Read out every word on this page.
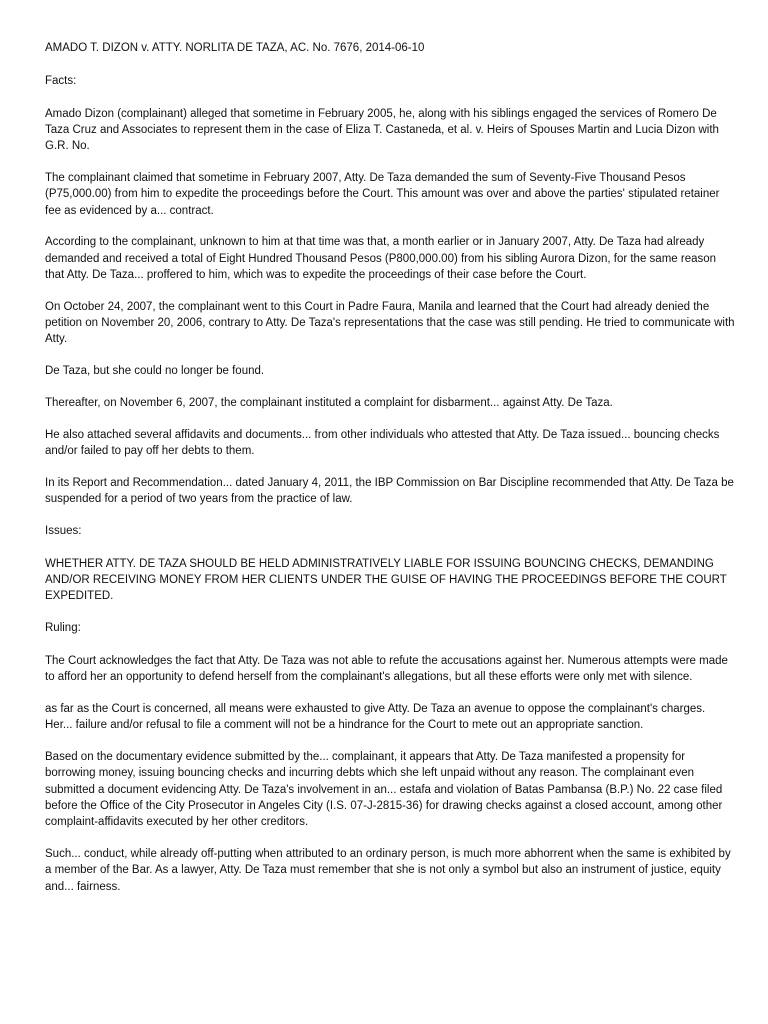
AMADO T. DIZON v. ATTY. NORLITA DE TAZA, AC. No. 7676, 2014-06-10
Facts:
Amado Dizon (complainant) alleged that sometime in February 2005, he, along with his siblings engaged the services of Romero De Taza Cruz and Associates to represent them in the case of Eliza T. Castaneda, et al. v. Heirs of Spouses Martin and Lucia Dizon with G.R. No.
The complainant claimed that sometime in February 2007, Atty. De Taza demanded the sum of Seventy-Five Thousand Pesos (P75,000.00) from him to expedite the proceedings before the Court. This amount was over and above the parties' stipulated retainer fee as evidenced by a... contract.
According to the complainant, unknown to him at that time was that, a month earlier or in January 2007, Atty. De Taza had already demanded and received a total of Eight Hundred Thousand Pesos (P800,000.00) from his sibling Aurora Dizon, for the same reason that Atty. De Taza... proffered to him, which was to expedite the proceedings of their case before the Court.
On October 24, 2007, the complainant went to this Court in Padre Faura, Manila and learned that the Court had already denied the petition on November 20, 2006, contrary to Atty. De Taza's representations that the case was still pending. He tried to communicate with Atty.
De Taza, but she could no longer be found.
Thereafter, on November 6, 2007, the complainant instituted a complaint for disbarment... against Atty. De Taza.
He also attached several affidavits and documents... from other individuals who attested that Atty. De Taza issued... bouncing checks and/or failed to pay off her debts to them.
In its Report and Recommendation... dated January 4, 2011, the IBP Commission on Bar Discipline recommended that Atty. De Taza be suspended for a period of two years from the practice of law.
Issues:
WHETHER ATTY. DE TAZA SHOULD BE HELD ADMINISTRATIVELY LIABLE FOR ISSUING BOUNCING CHECKS, DEMANDING AND/OR RECEIVING MONEY FROM HER CLIENTS UNDER THE GUISE OF HAVING THE PROCEEDINGS BEFORE THE COURT EXPEDITED.
Ruling:
The Court acknowledges the fact that Atty. De Taza was not able to refute the accusations against her. Numerous attempts were made to afford her an opportunity to defend herself from the complainant's allegations, but all these efforts were only met with silence.
as far as the Court is concerned, all means were exhausted to give Atty. De Taza an avenue to oppose the complainant's charges. Her... failure and/or refusal to file a comment will not be a hindrance for the Court to mete out an appropriate sanction.
Based on the documentary evidence submitted by the... complainant, it appears that Atty. De Taza manifested a propensity for borrowing money, issuing bouncing checks and incurring debts which she left unpaid without any reason. The complainant even submitted a document evidencing Atty. De Taza's involvement in an... estafa and violation of Batas Pambansa (B.P.) No. 22 case filed before the Office of the City Prosecutor in Angeles City (I.S. 07-J-2815-36) for drawing checks against a closed account, among other complaint-affidavits executed by her other creditors.
Such... conduct, while already off-putting when attributed to an ordinary person, is much more abhorrent when the same is exhibited by a member of the Bar. As a lawyer, Atty. De Taza must remember that she is not only a symbol but also an instrument of justice, equity and... fairness.
